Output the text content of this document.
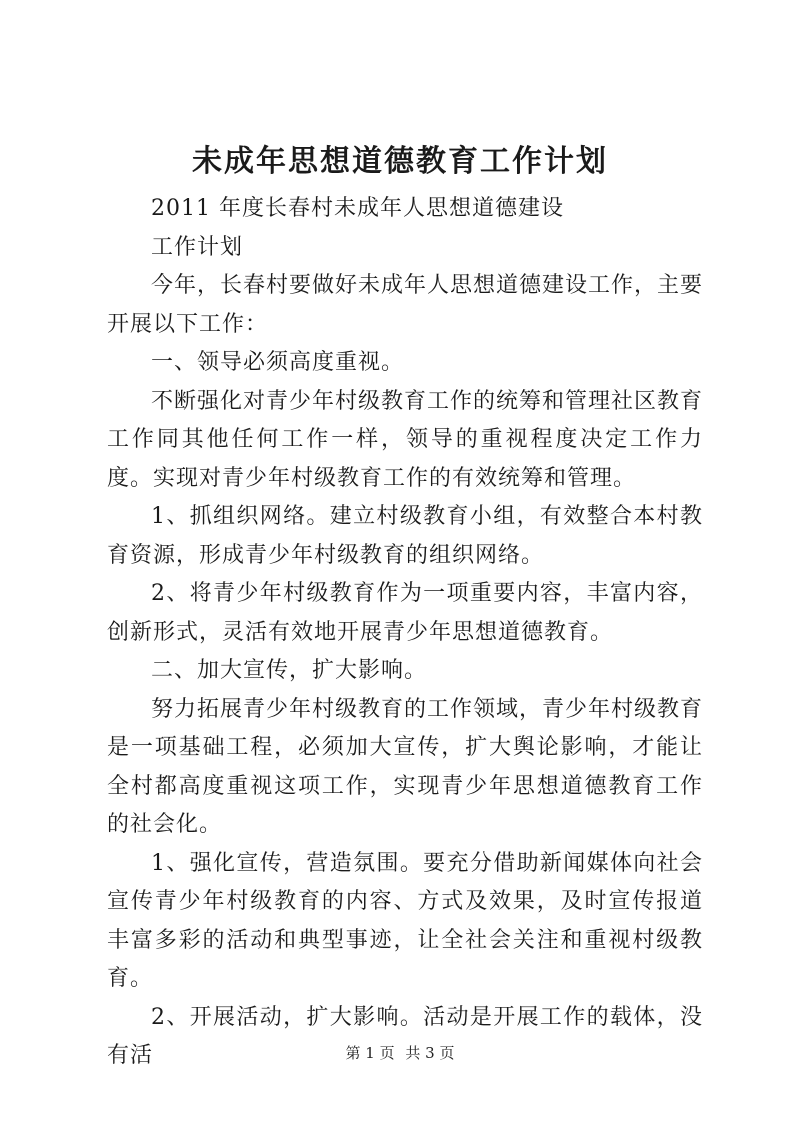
未成年思想道德教育工作计划

2011 年度长春村未成年人思想道德建设

工作计划

今年，长春村要做好未成年人思想道德建设工作，主要开展以下工作：

一、领导必须高度重视。

不断强化对青少年村级教育工作的统筹和管理社区教育工作同其他任何工作一样，领导的重视程度决定工作力度。实现对青少年村级教育工作的有效统筹和管理。

1、抓组织网络。建立村级教育小组，有效整合本村教育资源，形成青少年村级教育的组织网络。

2、将青少年村级教育作为一项重要内容，丰富内容，创新形式，灵活有效地开展青少年思想道德教育。

二、加大宣传，扩大影响。

努力拓展青少年村级教育的工作领域，青少年村级教育是一项基础工程，必须加大宣传，扩大舆论影响，才能让全村都高度重视这项工作，实现青少年思想道德教育工作的社会化。

1、强化宣传，营造氛围。要充分借助新闻媒体向社会宣传青少年村级教育的内容、方式及效果，及时宣传报道丰富多彩的活动和典型事迹，让全社会关注和重视村级教育。

2、开展活动，扩大影响。活动是开展工作的载体，没有活	第 1 页 共 3 页
